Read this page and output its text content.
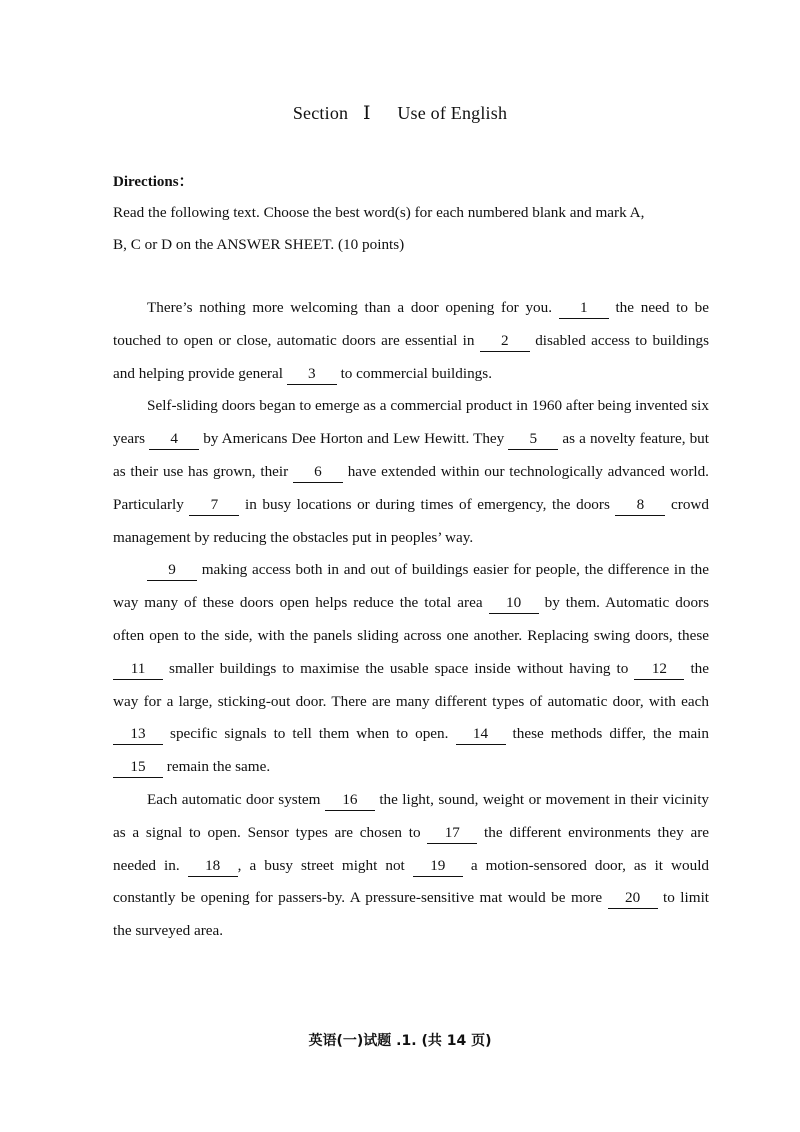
Section Ⅰ Use of English
Directions：
Read the following text. Choose the best word(s) for each numbered blank and mark A,
B, C or D on the ANSWER SHEET. (10 points)

There’s nothing more welcoming than a door opening for you. 1 the need to be touched to open or close, automatic doors are essential in 2 disabled access to buildings and helping provide general 3 to commercial buildings.

Self-sliding doors began to emerge as a commercial product in 1960 after being invented six years 4 by Americans Dee Horton and Lew Hewitt. They 5 as a novelty feature, but as their use has grown, their 6 have extended within our technologically advanced world. Particularly 7 in busy locations or during times of emergency, the doors 8 crowd management by reducing the obstacles put in peoples’ way.

9 making access both in and out of buildings easier for people, the difference in the way many of these doors open helps reduce the total area 10 by them. Automatic doors often open to the side, with the panels sliding across one another. Replacing swing doors, these 11 smaller buildings to maximise the usable space inside without having to 12 the way for a large, sticking-out door. There are many different types of automatic door, with each 13 specific signals to tell them when to open. 14 these methods differ, the main 15 remain the same.

Each automatic door system 16 the light, sound, weight or movement in their vicinity as a signal to open. Sensor types are chosen to 17 the different environments they are needed in. 18 , a busy street might not 19 a motion-sensored door, as it would constantly be opening for passers-by. A pressure-sensitive mat would be more 20 to limit the surveyed area.

英语(一)试题 .1. (共 14 页)
